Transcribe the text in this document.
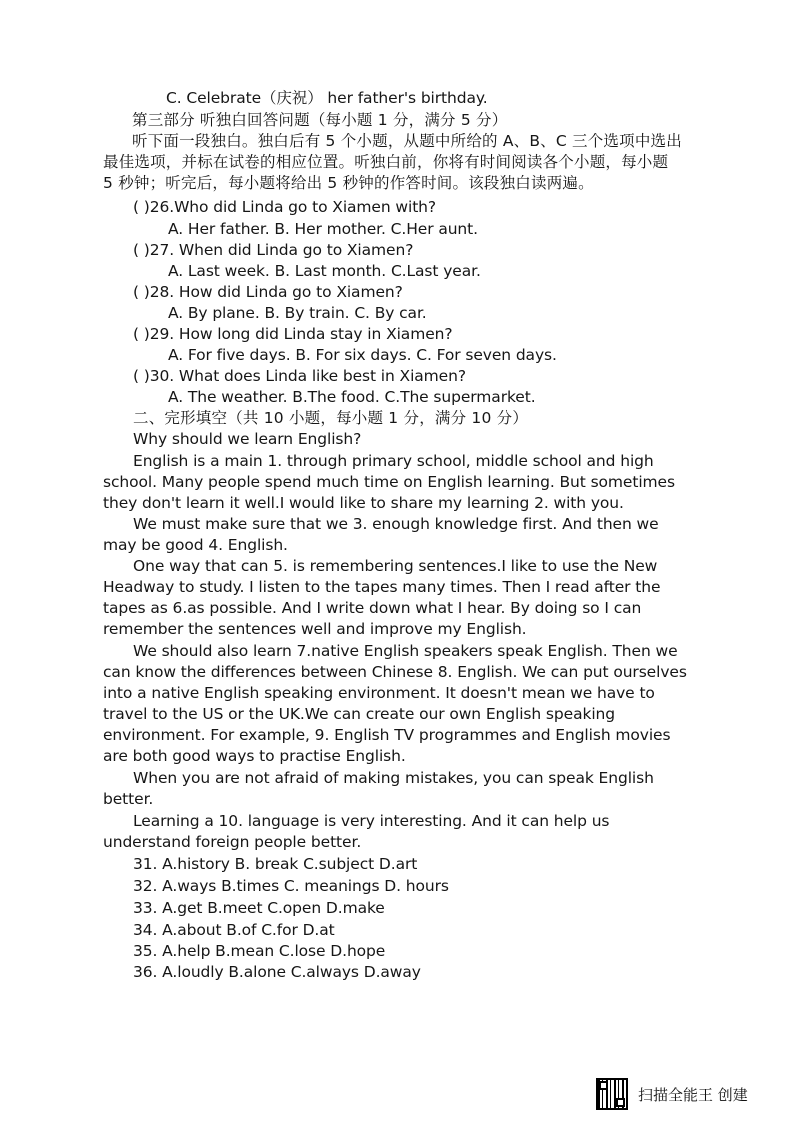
C. Celebrate（庆祝） her father's birthday.
第三部分 听独白回答问题（每小题 1 分，满分 5 分）
听下面一段独白。独白后有 5 个小题，从题中所给的 A、B、C 三个选项中选出
最佳选项，并标在试卷的相应位置。听独白前，你将有时间阅读各个小题，每小题
5 秒钟；听完后，每小题将给出 5 秒钟的作答时间。该段独白读两遍。
( )26.Who did Linda go to Xiamen with?
A. Her father. B. Her mother. C.Her aunt.
( )27. When did Linda go to Xiamen?
A. Last week. B. Last month. C.Last year.
( )28. How did Linda go to Xiamen?
A. By plane. B. By train. C. By car.
( )29. How long did Linda stay in Xiamen?
A. For five days. B. For six days. C. For seven days.
( )30. What does Linda like best in Xiamen?
A. The weather. B.The food. C.The supermarket.
二、完形填空（共 10 小题，每小题 1 分，满分 10 分）
Why should we learn English?
English is a main 1. through primary school, middle school and high
school. Many people spend much time on English learning. But sometimes
they don't learn it well.I would like to share my learning 2. with you.
We must make sure that we 3. enough knowledge first. And then we
may be good 4. English.
One way that can 5. is remembering sentences.I like to use the New
Headway to study. I listen to the tapes many times. Then I read after the
tapes as 6.as possible. And I write down what I hear. By doing so I can
remember the sentences well and improve my English.
We should also learn 7.native English speakers speak English. Then we
can know the differences between Chinese 8. English. We can put ourselves
into a native English speaking environment. It doesn't mean we have to
travel to the US or the UK.We can create our own English speaking
environment. For example, 9. English TV programmes and English movies
are both good ways to practise English.
When you are not afraid of making mistakes, you can speak English
better.
Learning a 10. language is very interesting. And it can help us
understand foreign people better.
31. A.history B. break C.subject D.art
32. A.ways B.times C. meanings D. hours
33. A.get B.meet C.open D.make
34. A.about B.of C.for D.at
35. A.help B.mean C.lose D.hope
36. A.loudly B.alone C.always D.away
扫描全能王 创建
